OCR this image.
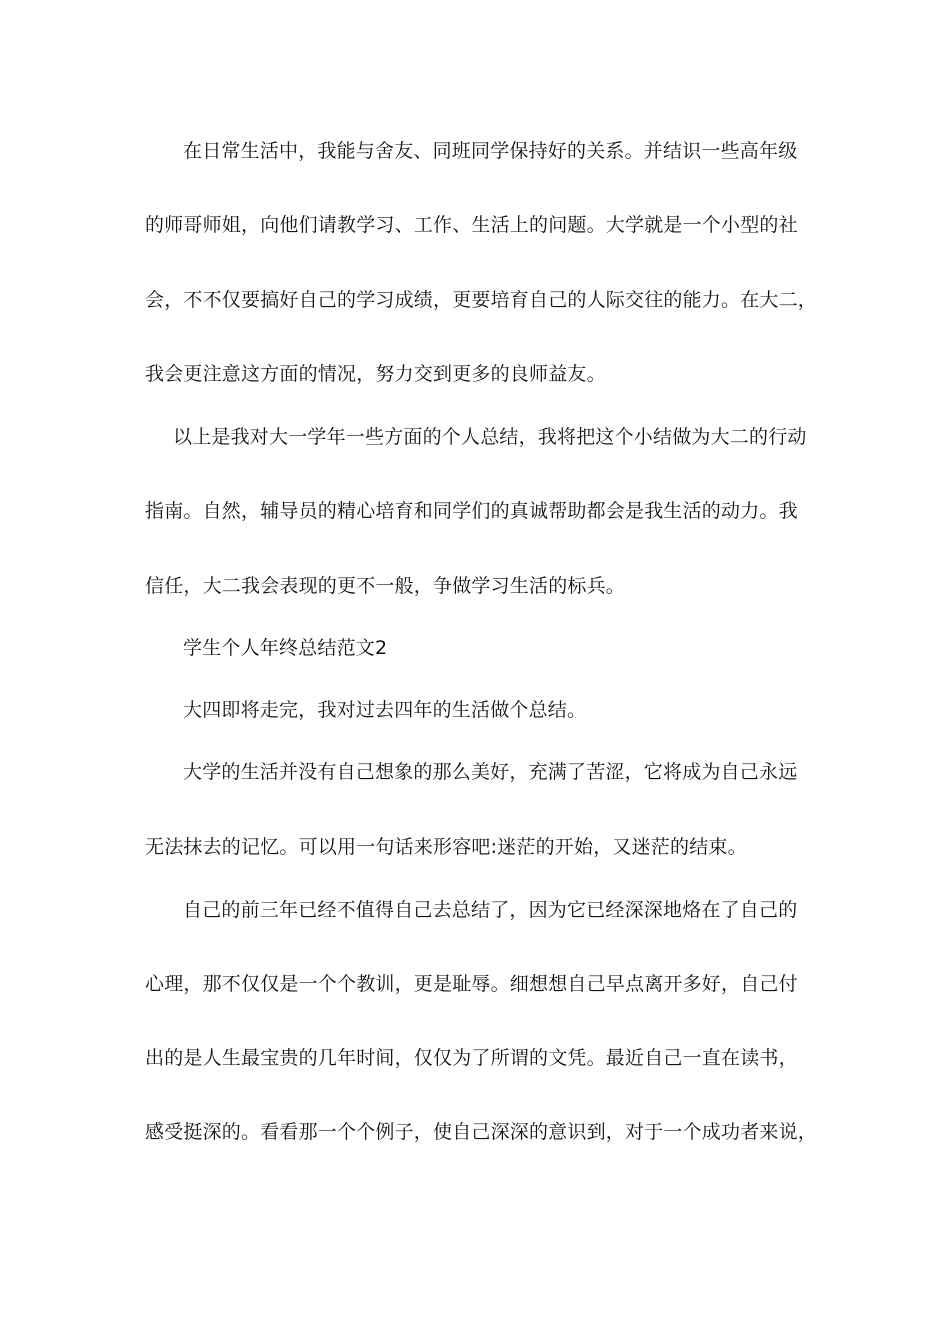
在日常生活中，我能与舍友、同班同学保持好的关系。并结识一些高年级
的师哥师姐，向他们请教学习、工作、生活上的问题。大学就是一个小型的社
会，不不仅要搞好自己的学习成绩，更要培育自己的人际交往的能力。在大二，
我会更注意这方面的情况，努力交到更多的良师益友。
以上是我对大一学年一些方面的个人总结，我将把这个小结做为大二的行动
指南。自然，辅导员的精心培育和同学们的真诚帮助都会是我生活的动力。我
信任，大二我会表现的更不一般，争做学习生活的标兵。
学生个人年终总结范文2
大四即将走完，我对过去四年的生活做个总结。
大学的生活并没有自己想象的那么美好，充满了苦涩，它将成为自己永远
无法抹去的记忆。可以用一句话来形容吧:迷茫的开始，又迷茫的结束。
自己的前三年已经不值得自己去总结了，因为它已经深深地烙在了自己的
心理，那不仅仅是一个个教训，更是耻辱。细想想自己早点离开多好，自己付
出的是人生最宝贵的几年时间，仅仅为了所谓的文凭。最近自己一直在读书，
感受挺深的。看看那一个个例子，使自己深深的意识到，对于一个成功者来说，
